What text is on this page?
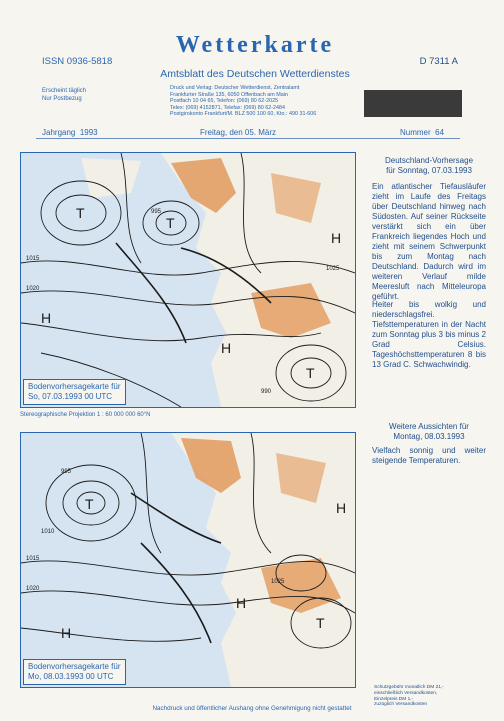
ISSN 0936-5818	D 7311 A
Wetterkarte
Amtsblatt des Deutschen Wetterdienstes
Erscheint täglich
Nur Postbezug
Druck und Verlag: Deutscher Wetterdienst, Zentralamt
Frankfurter Straße 135, 6050 Offenbach am Main
Postfach 10 04 65, Telefon: (069) 80 62-2025
Telex: (069) 4152871, Telefax: (069) 80 62-2484
Postgirokonto Frankfurt/M. BLZ 500 100 60, Kto.: 490 31-606
Jahrgang 1993	Freitag, den 05. März	Nummer 64
T
T
T
H
H
H
1015
1020
1025
990
995
Bodenvorhersagekarte für
So, 07.03.1993 00 UTC
Stereographische Projektion 1 : 60 000 000 60°N
T
T
H
H
H
1015
1020
995
1025
1010
Bodenvorhersagekarte für
Mo, 08.03.1993 00 UTC
Deutschland-Vorhersage
für Sonntag, 07.03.1993
Ein atlantischer Tiefausläufer zieht im Laufe des Freitags über Deutschland hinweg nach Südosten. Auf seiner Rückseite verstärkt sich ein über Frankreich liegendes Hoch und zieht mit seinem Schwerpunkt bis zum Montag nach Deutschland. Dadurch wird im weiteren Verlauf milde Meeresluft nach Mitteleuropa geführt.
Heiter bis wolkig und niederschlagsfrei. Tiefsttemperaturen in der Nacht zum Sonntag plus 3 bis minus 2 Grad Celsius. Tageshöchsttemperaturen 8 bis 13 Grad C. Schwachwindig.
Weitere Aussichten für
Montag, 08.03.1993
Vielfach sonnig und weiter steigende Temperaturen.
Schutzgebühr monatlich DM 21,-
einschließlich Versandkosten,
Einzelpreis DM 1,-
zuzüglich Versandkosten
Nachdruck und öffentlicher Aushang ohne Genehmigung nicht gestattet
